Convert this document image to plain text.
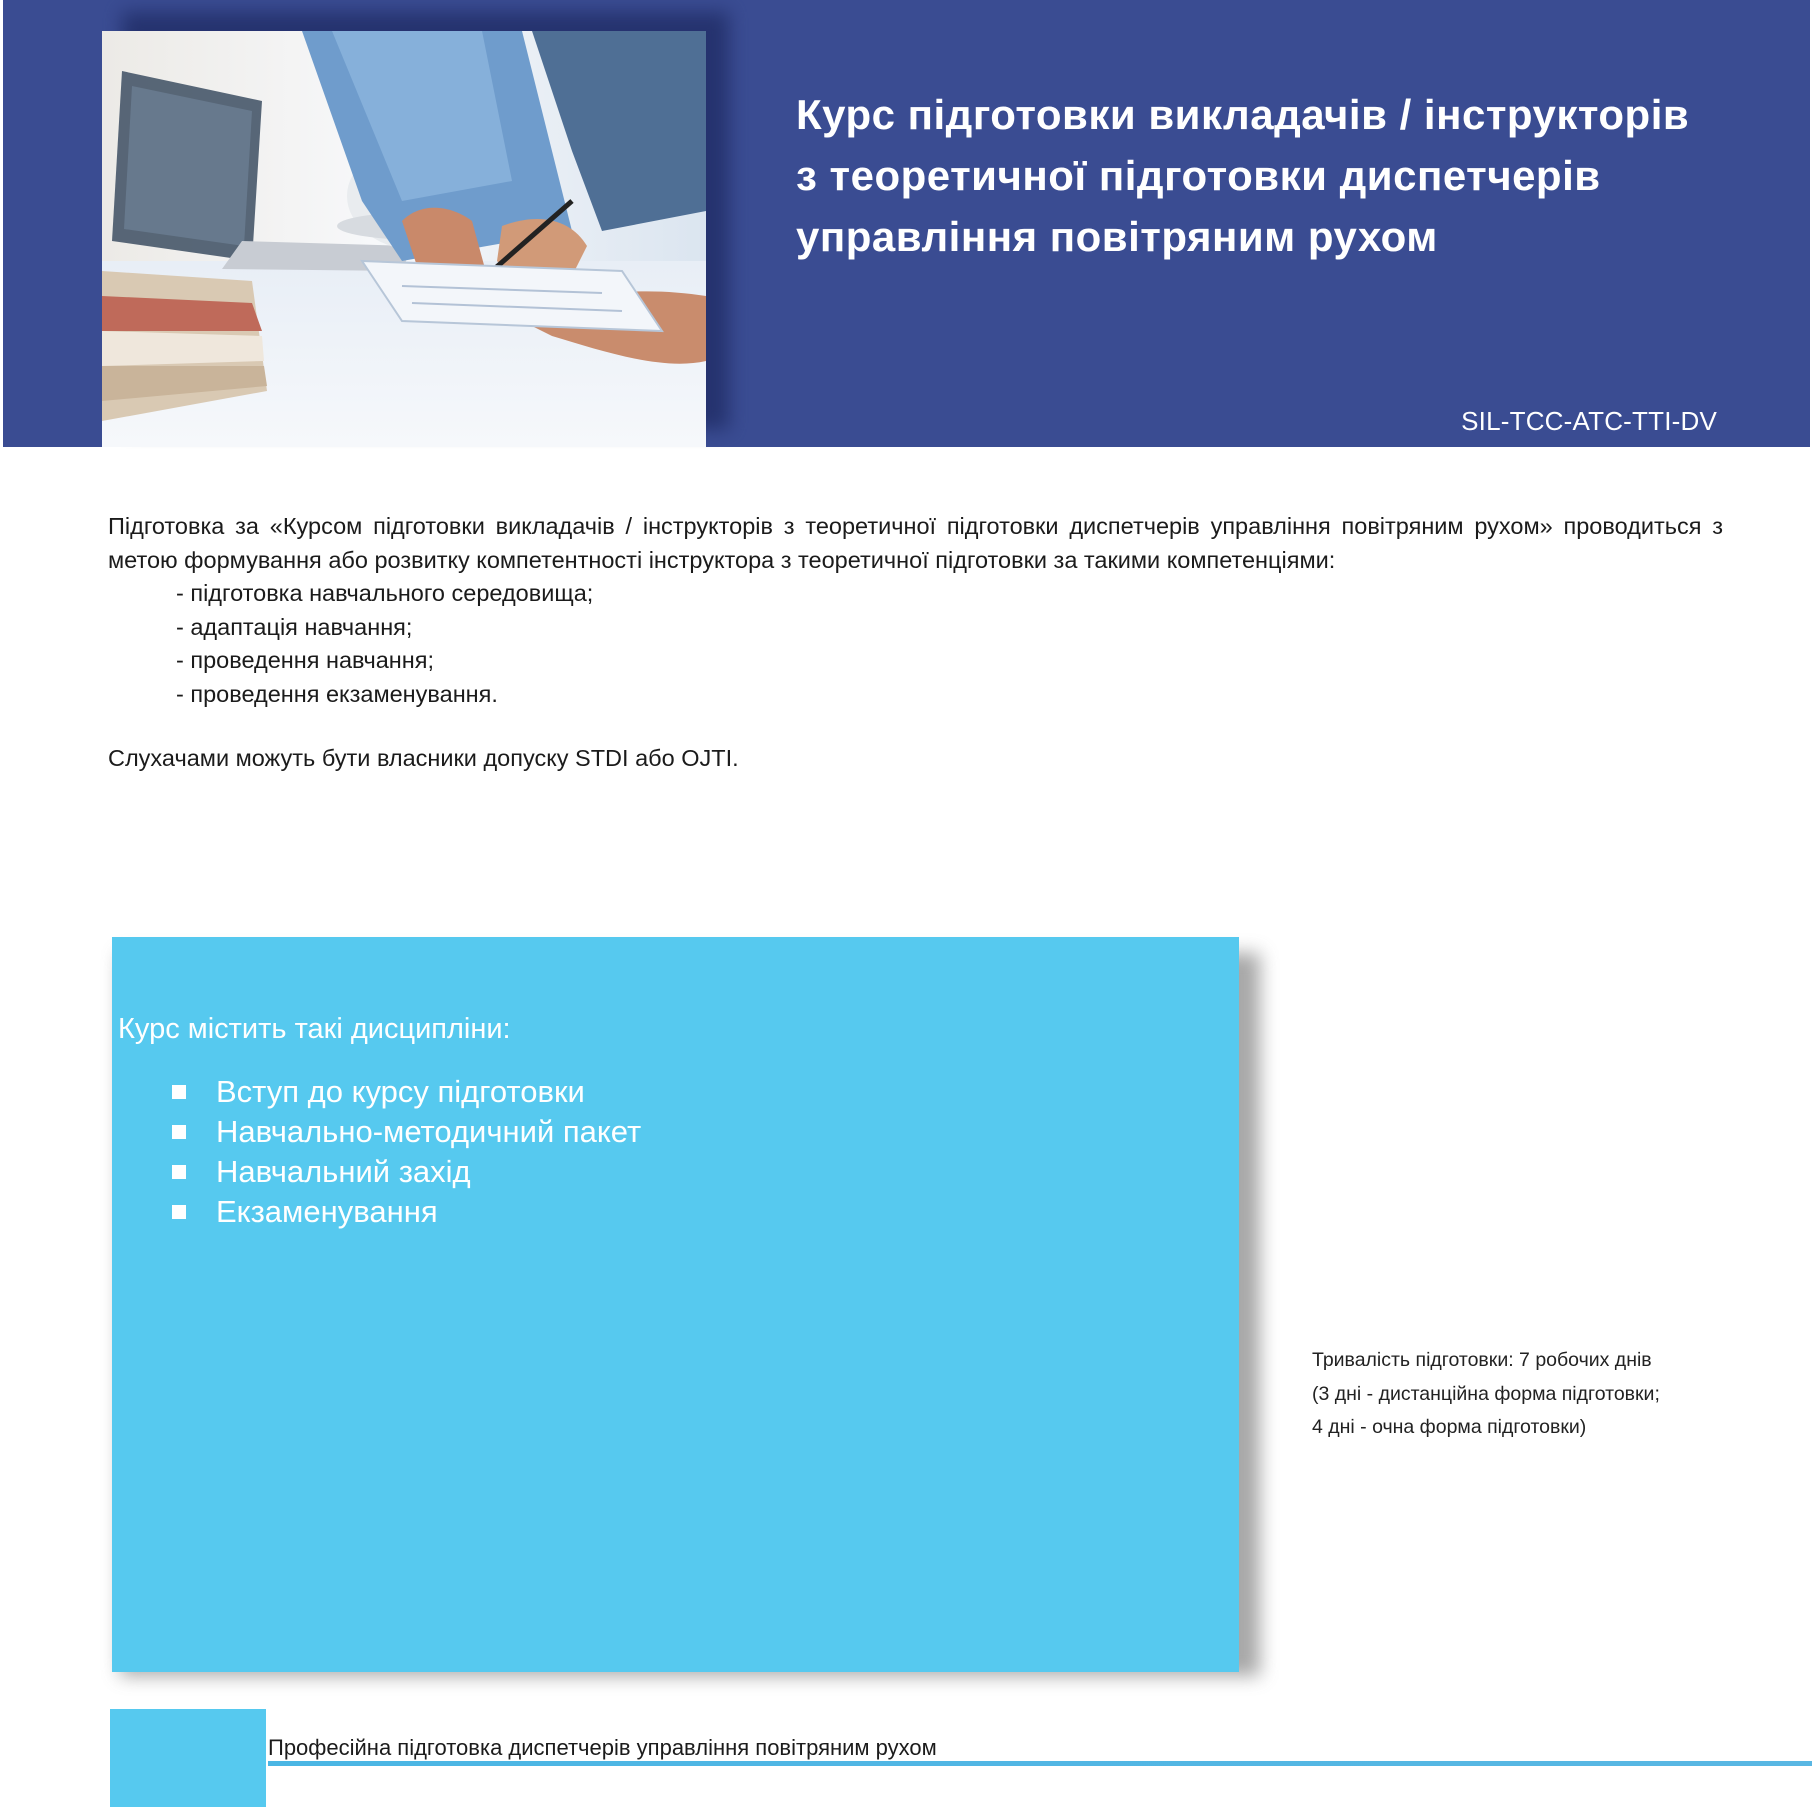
Курс підготовки викладачів / інструкторів
з теоретичної підготовки диспетчерів
управління повітряним рухом
SIL-TCC-ATC-TTI-DV

Підготовка за «Курсом підготовки викладачів / інструкторів з теоретичної підготовки диспетчерів управління повітряним рухом» проводиться з метою формування або розвитку компетентності інструктора з теоретичної підготовки за такими компетенціями:

- підготовка навчального середовища;
- адаптація навчання;
- проведення навчання;
- проведення екзаменування.

Слухачами можуть бути власники допуску STDI або OJTI.

Курс містить такі дисципліни:
Вступ до курсу підготовки
Навчально-методичний пакет
Навчальний захід
Екзаменування

Тривалість підготовки: 7 робочих днів
(3 дні - дистанційна форма підготовки;
4 дні - очна форма підготовки)

Професійна підготовка диспетчерів управління повітряним рухом
